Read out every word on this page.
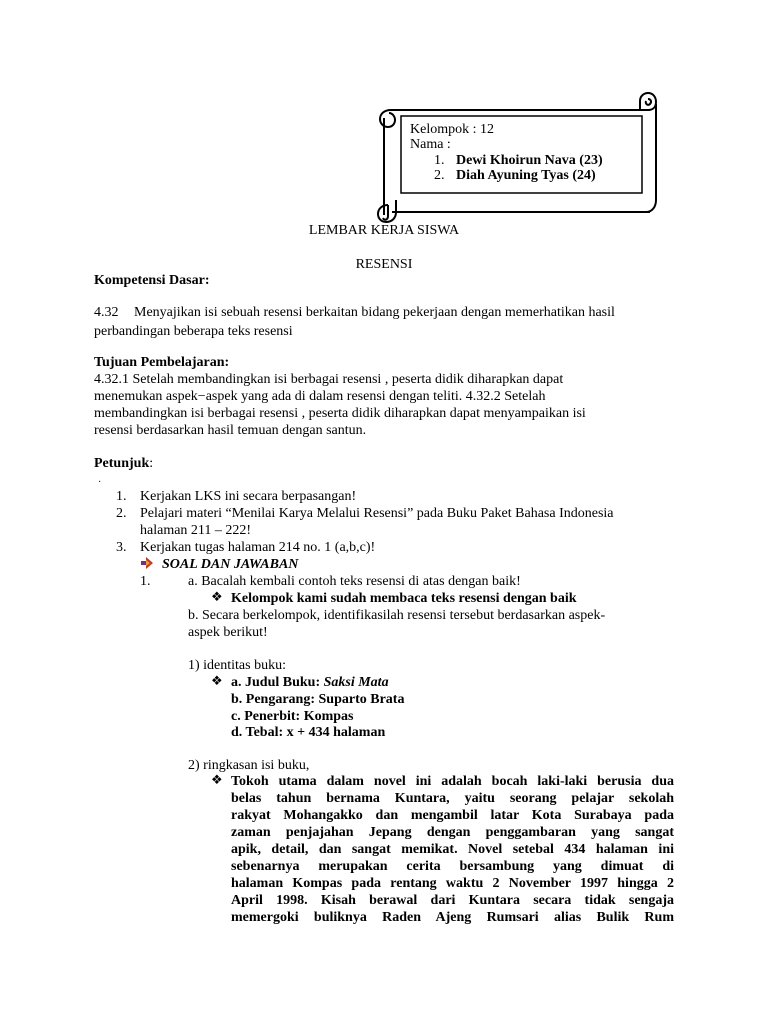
Kelompok : 12
Nama :
1. Dewi Khoirun Nava (23)
2. Diah Ayuning Tyas (24)
LEMBAR KERJA SISWA
RESENSI
Kompetensi Dasar:
4.32 Menyajikan isi sebuah resensi berkaitan bidang pekerjaan dengan memerhatikan hasil
perbandingan beberapa teks resensi
Tujuan Pembelajaran:
4.32.1 Setelah membandingkan isi berbagai resensi , peserta didik diharapkan dapat
menemukan aspek−aspek yang ada di dalam resensi dengan teliti. 4.32.2 Setelah
membandingkan isi berbagai resensi , peserta didik diharapkan dapat menyampaikan isi
resensi berdasarkan hasil temuan dengan santun.
Petunjuk:
·
1. Kerjakan LKS ini secara berpasangan!
2. Pelajari materi “Menilai Karya Melalui Resensi” pada Buku Paket Bahasa Indonesia
halaman 211 – 222!
3. Kerjakan tugas halaman 214 no. 1 (a,b,c)!
SOAL DAN JAWABAN
1.	a. Bacalah kembali contoh teks resensi di atas dengan baik!
❖ Kelompok kami sudah membaca teks resensi dengan baik
b. Secara berkelompok, identifikasilah resensi tersebut berdasarkan aspek-
aspek berikut!
1) identitas buku:
❖ a. Judul Buku: Saksi Mata
b. Pengarang: Suparto Brata
c. Penerbit: Kompas
d. Tebal: x + 434 halaman
2) ringkasan isi buku,
❖ Tokoh utama dalam novel ini adalah bocah laki-laki berusia dua
belas tahun bernama Kuntara, yaitu seorang pelajar sekolah
rakyat Mohangakko dan mengambil latar Kota Surabaya pada
zaman penjajahan Jepang dengan penggambaran yang sangat
apik, detail, dan sangat memikat. Novel setebal 434 halaman ini
sebenarnya merupakan cerita bersambung yang dimuat di
halaman Kompas pada rentang waktu 2 November 1997 hingga 2
April 1998. Kisah berawal dari Kuntara secara tidak sengaja
memergoki buliknya Raden Ajeng Rumsari alias Bulik Rum
